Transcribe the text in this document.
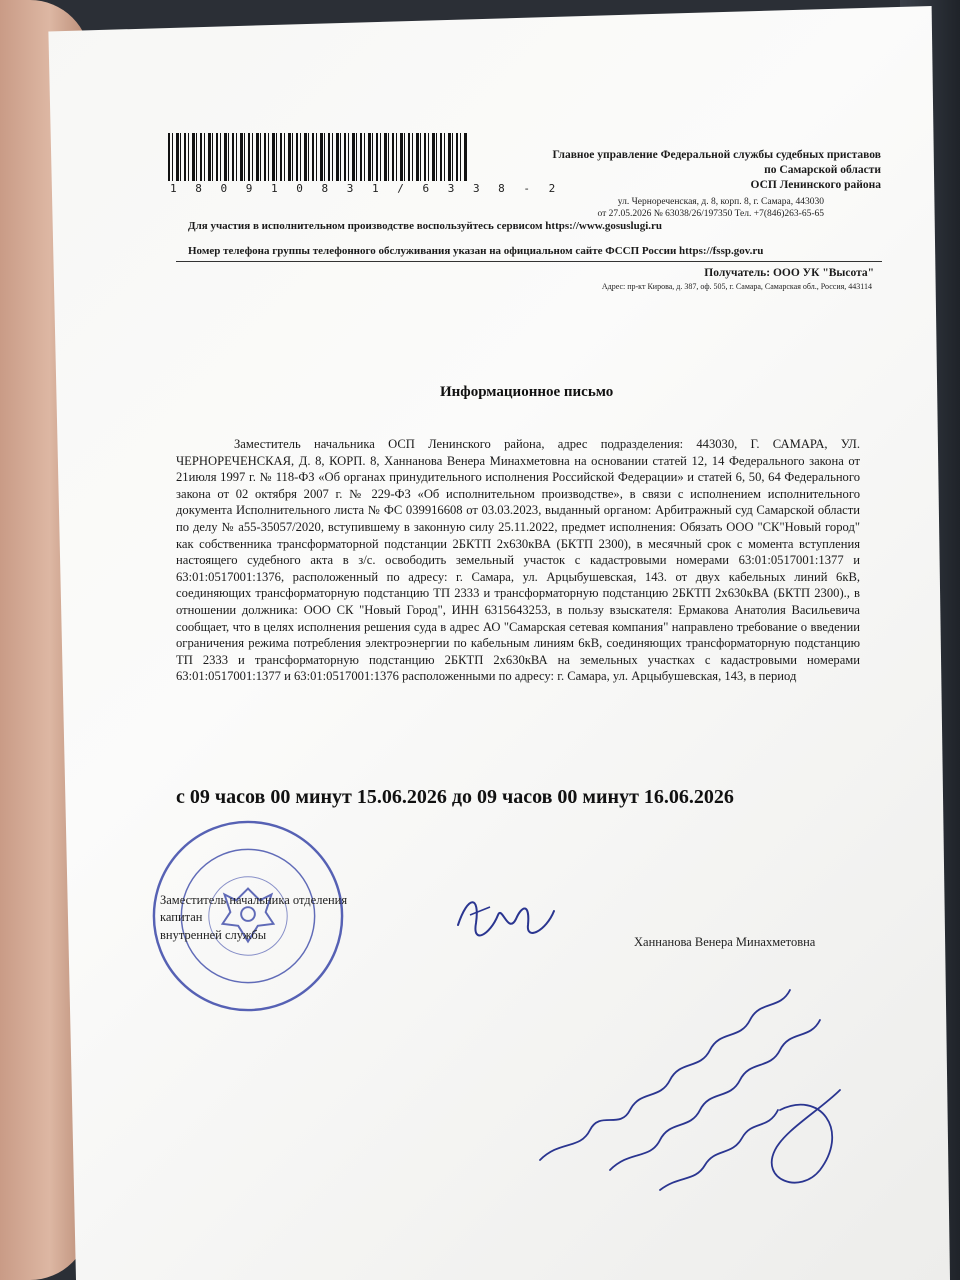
1 8 0 9 1 0 8 3 1 / 6 3 3 8 - 2
Главное управление Федеральной службы судебных приставов
по Самарской области
ОСП Ленинского района
ул. Чернореченская, д. 8, корп. 8, г. Самара, 443030
от 27.05.2026 № 63038/26/197350 Тел. +7(846)263-65-65
Для участия в исполнительном производстве воспользуйтесь сервисом https://www.gosuslugi.ru
Номер телефона группы телефонного обслуживания указан на официальном сайте ФССП России https://fssp.gov.ru
Получатель: ООО УК "Высота"
Адрес: пр-кт Кирова, д. 387, оф. 505, г. Самара, Самарская обл., Россия, 443114
Информационное письмо
Заместитель начальника ОСП Ленинского района, адрес подразделения: 443030, Г. САМАРА, УЛ. ЧЕРНОРЕЧЕНСКАЯ, Д. 8, КОРП. 8, Ханнанова Венера Минахметовна на основании статей 12, 14 Федерального закона от 21июля 1997 г. № 118-ФЗ «Об органах принудительного исполнения Российской Федерации» и статей 6, 50, 64 Федерального закона от 02 октября 2007 г. № 229-ФЗ «Об исполнительном производстве», в связи с исполнением исполнительного документа Исполнительного листа № ФС 039916608 от 03.03.2023, выданный органом: Арбитражный суд Самарской области по делу № а55-35057/2020, вступившему в законную силу 25.11.2022, предмет исполнения: Обязать ООО "СК"Новый город" как собственника трансформаторной подстанции 2БКТП 2х630кВА (БКТП 2300), в месячный срок с момента вступления настоящего судебного акта в з/с. освободить земельный участок с кадастровыми номерами 63:01:0517001:1377 и 63:01:0517001:1376, расположенный по адресу: г. Самара, ул. Арцыбушевская, 143. от двух кабельных линий 6кВ, соединяющих трансформаторную подстанцию ТП 2333 и трансформаторную подстанцию 2БКТП 2х630кВА (БКТП 2300)., в отношении должника: ООО СК "Новый Город", ИНН 6315643253, в пользу взыскателя: Ермакова Анатолия Васильевича сообщает, что в целях исполнения решения суда в адрес АО "Самарская сетевая компания" направлено требование о введении ограничения режима потребления электроэнергии по кабельным линиям 6кВ, соединяющих трансформаторную подстанцию ТП 2333 и трансформаторную подстанцию 2БКТП 2х630кВА на земельных участках с кадастровыми номерами 63:01:0517001:1377 и 63:01:0517001:1376 расположенными по адресу: г. Самара, ул. Арцыбушевская, 143, в период
с 09 часов 00 минут 15.06.2026 до 09 часов 00 минут 16.06.2026
Заместитель начальника отделения
капитан
внутренней службы	Ханнанова Венера Минахметовна
